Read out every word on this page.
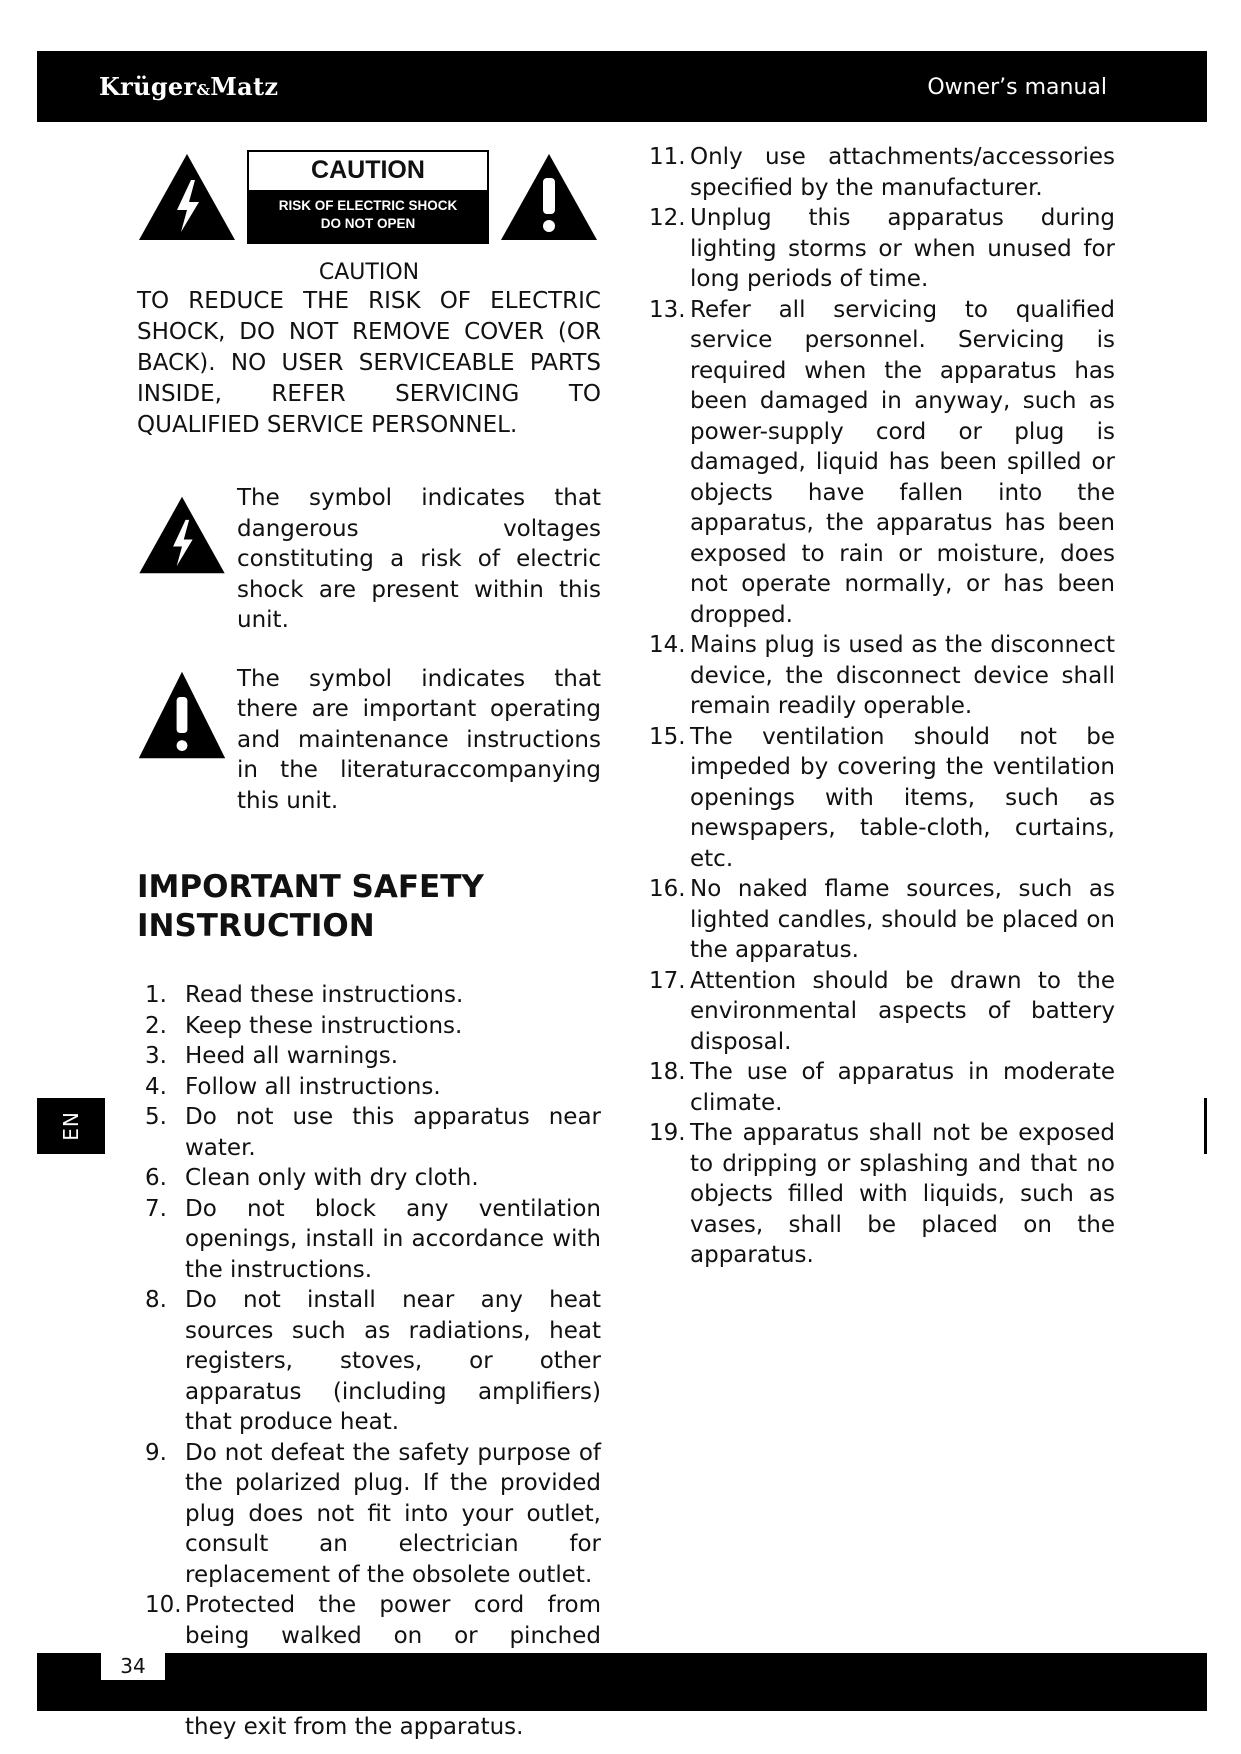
Krüger&Matz	Owner’s manual
EN
CAUTION
RISK OF ELECTRIC SHOCK
DO NOT OPEN
CAUTION

TO REDUCE THE RISK OF ELECTRIC SHOCK, DO NOT REMOVE COVER (OR BACK). NO USER SERVICEABLE PARTS INSIDE, REFER SERVICING TO QUALIFIED SERVICE PERSONNEL.

The symbol indicates that dangerous voltages constituting a risk of electric shock are present within this unit.

The symbol indicates that there are important operating and maintenance instructions in the literaturaccompanying this unit.

IMPORTANT SAFETY
INSTRUCTION
1. Read these instructions.
2. Keep these instructions.
3. Heed all warnings.
4. Follow all instructions.
5. Do not use this apparatus near water.
6. Clean only with dry cloth.
7. Do not block any ventilation openings, install in accordance with the instructions.
8. Do not install near any heat sources such as radiations, heat registers, stoves, or other apparatus (including amplifiers) that produce heat.
9. Do not defeat the safety purpose of the polarized plug. If the provided plug does not fit into your outlet, consult an electrician for replacement of the obsolete outlet.
10. Protected the power cord from being walked on or pinched they exit from the apparatus.
11. Only use attachments/accessories specified by the manufacturer.
12. Unplug this apparatus during lighting storms or when unused for long periods of time.
13. Refer all servicing to qualified service personnel. Servicing is required when the apparatus has been damaged in anyway, such as power-supply cord or plug is damaged, liquid has been spilled or objects have fallen into the apparatus, the apparatus has been exposed to rain or moisture, does not operate normally, or has been dropped.
14. Mains plug is used as the disconnect device, the disconnect device shall remain readily operable.
15. The ventilation should not be impeded by covering the ventilation openings with items, such as newspapers, table-cloth, curtains, etc.
16. No naked flame sources, such as lighted candles, should be placed on the apparatus.
17. Attention should be drawn to the environmental aspects of battery disposal.
18. The use of apparatus in moderate climate.
19. The apparatus shall not be exposed to dripping or splashing and that no objects filled with liquids, such as vases, shall be placed on the apparatus.
34
